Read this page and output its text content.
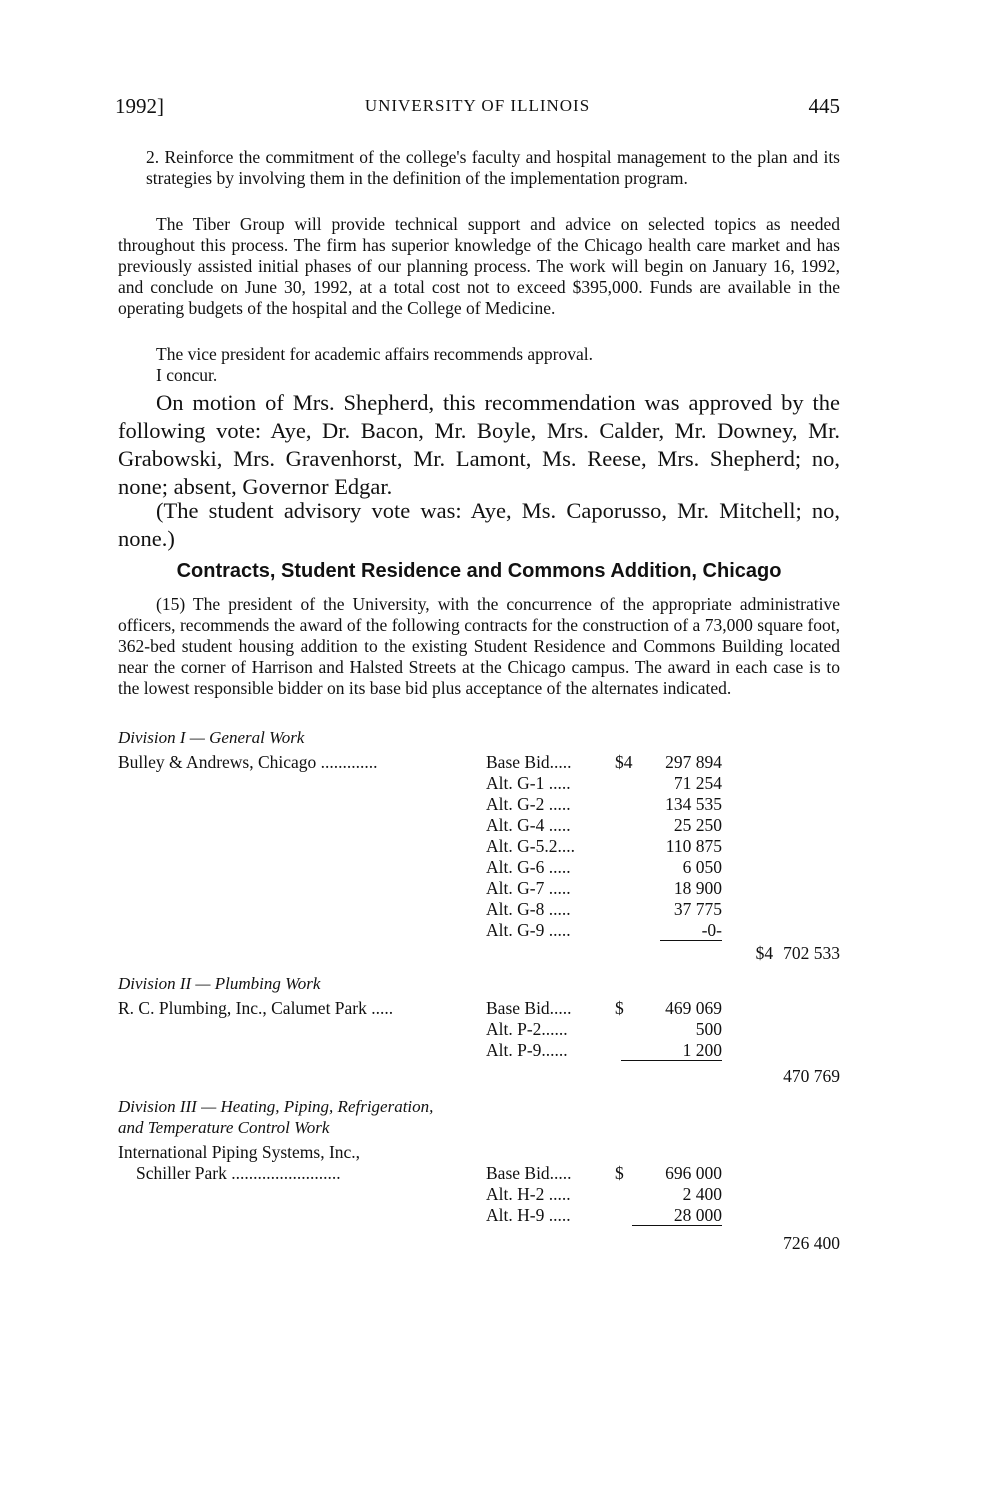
1992]	UNIVERSITY OF ILLINOIS	445

2. Reinforce the commitment of the college's faculty and hospital management to the plan and its strategies by involving them in the definition of the implementation program.

The Tiber Group will provide technical support and advice on selected topics as needed throughout this process. The firm has superior knowledge of the Chicago health care market and has previously assisted initial phases of our planning process. The work will begin on January 16, 1992, and conclude on June 30, 1992, at a total cost not to exceed $395,000. Funds are available in the operating budgets of the hospital and the College of Medicine.

The vice president for academic affairs recommends approval.

I concur.

On motion of Mrs. Shepherd, this recommendation was approved by the following vote: Aye, Dr. Bacon, Mr. Boyle, Mrs. Calder, Mr. Downey, Mr. Grabowski, Mrs. Gravenhorst, Mr. Lamont, Ms. Reese, Mrs. Shepherd; no, none; absent, Governor Edgar.

(The student advisory vote was: Aye, Ms. Caporusso, Mr. Mitchell; no, none.)

Contracts, Student Residence and Commons Addition, Chicago

(15) The president of the University, with the concurrence of the appropriate administrative officers, recommends the award of the following contracts for the construction of a 73,000 square foot, 362-bed student housing addition to the existing Student Residence and Commons Building located near the corner of Harrison and Halsted Streets at the Chicago campus. The award in each case is to the lowest responsible bidder on its base bid plus acceptance of the alternates indicated.

Division I — General Work
Bulley & Andrews, Chicago .............	Base Bid..... $4 297 894
Alt. G-1 .....	71 254
Alt. G-2 .....	134 535
Alt. G-4 .....	25 250
Alt. G-5.2....	110 875
Alt. G-6 .....	6 050
Alt. G-7 .....	18 900
Alt. G-8 .....	37 775
Alt. G-9 .....	-0-
$4 702 533
Division II — Plumbing Work
R. C. Plumbing, Inc., Calumet Park .....	Base Bid..... $ 469 069
Alt. P-2......	500
Alt. P-9......	1 200
470 769
Division III — Heating, Piping, Refrigeration,
and Temperature Control Work
International Piping Systems, Inc.,
Schiller Park .........................	Base Bid..... $ 696 000
Alt. H-2 .....	2 400
Alt. H-9 .....	28 000
726 400
